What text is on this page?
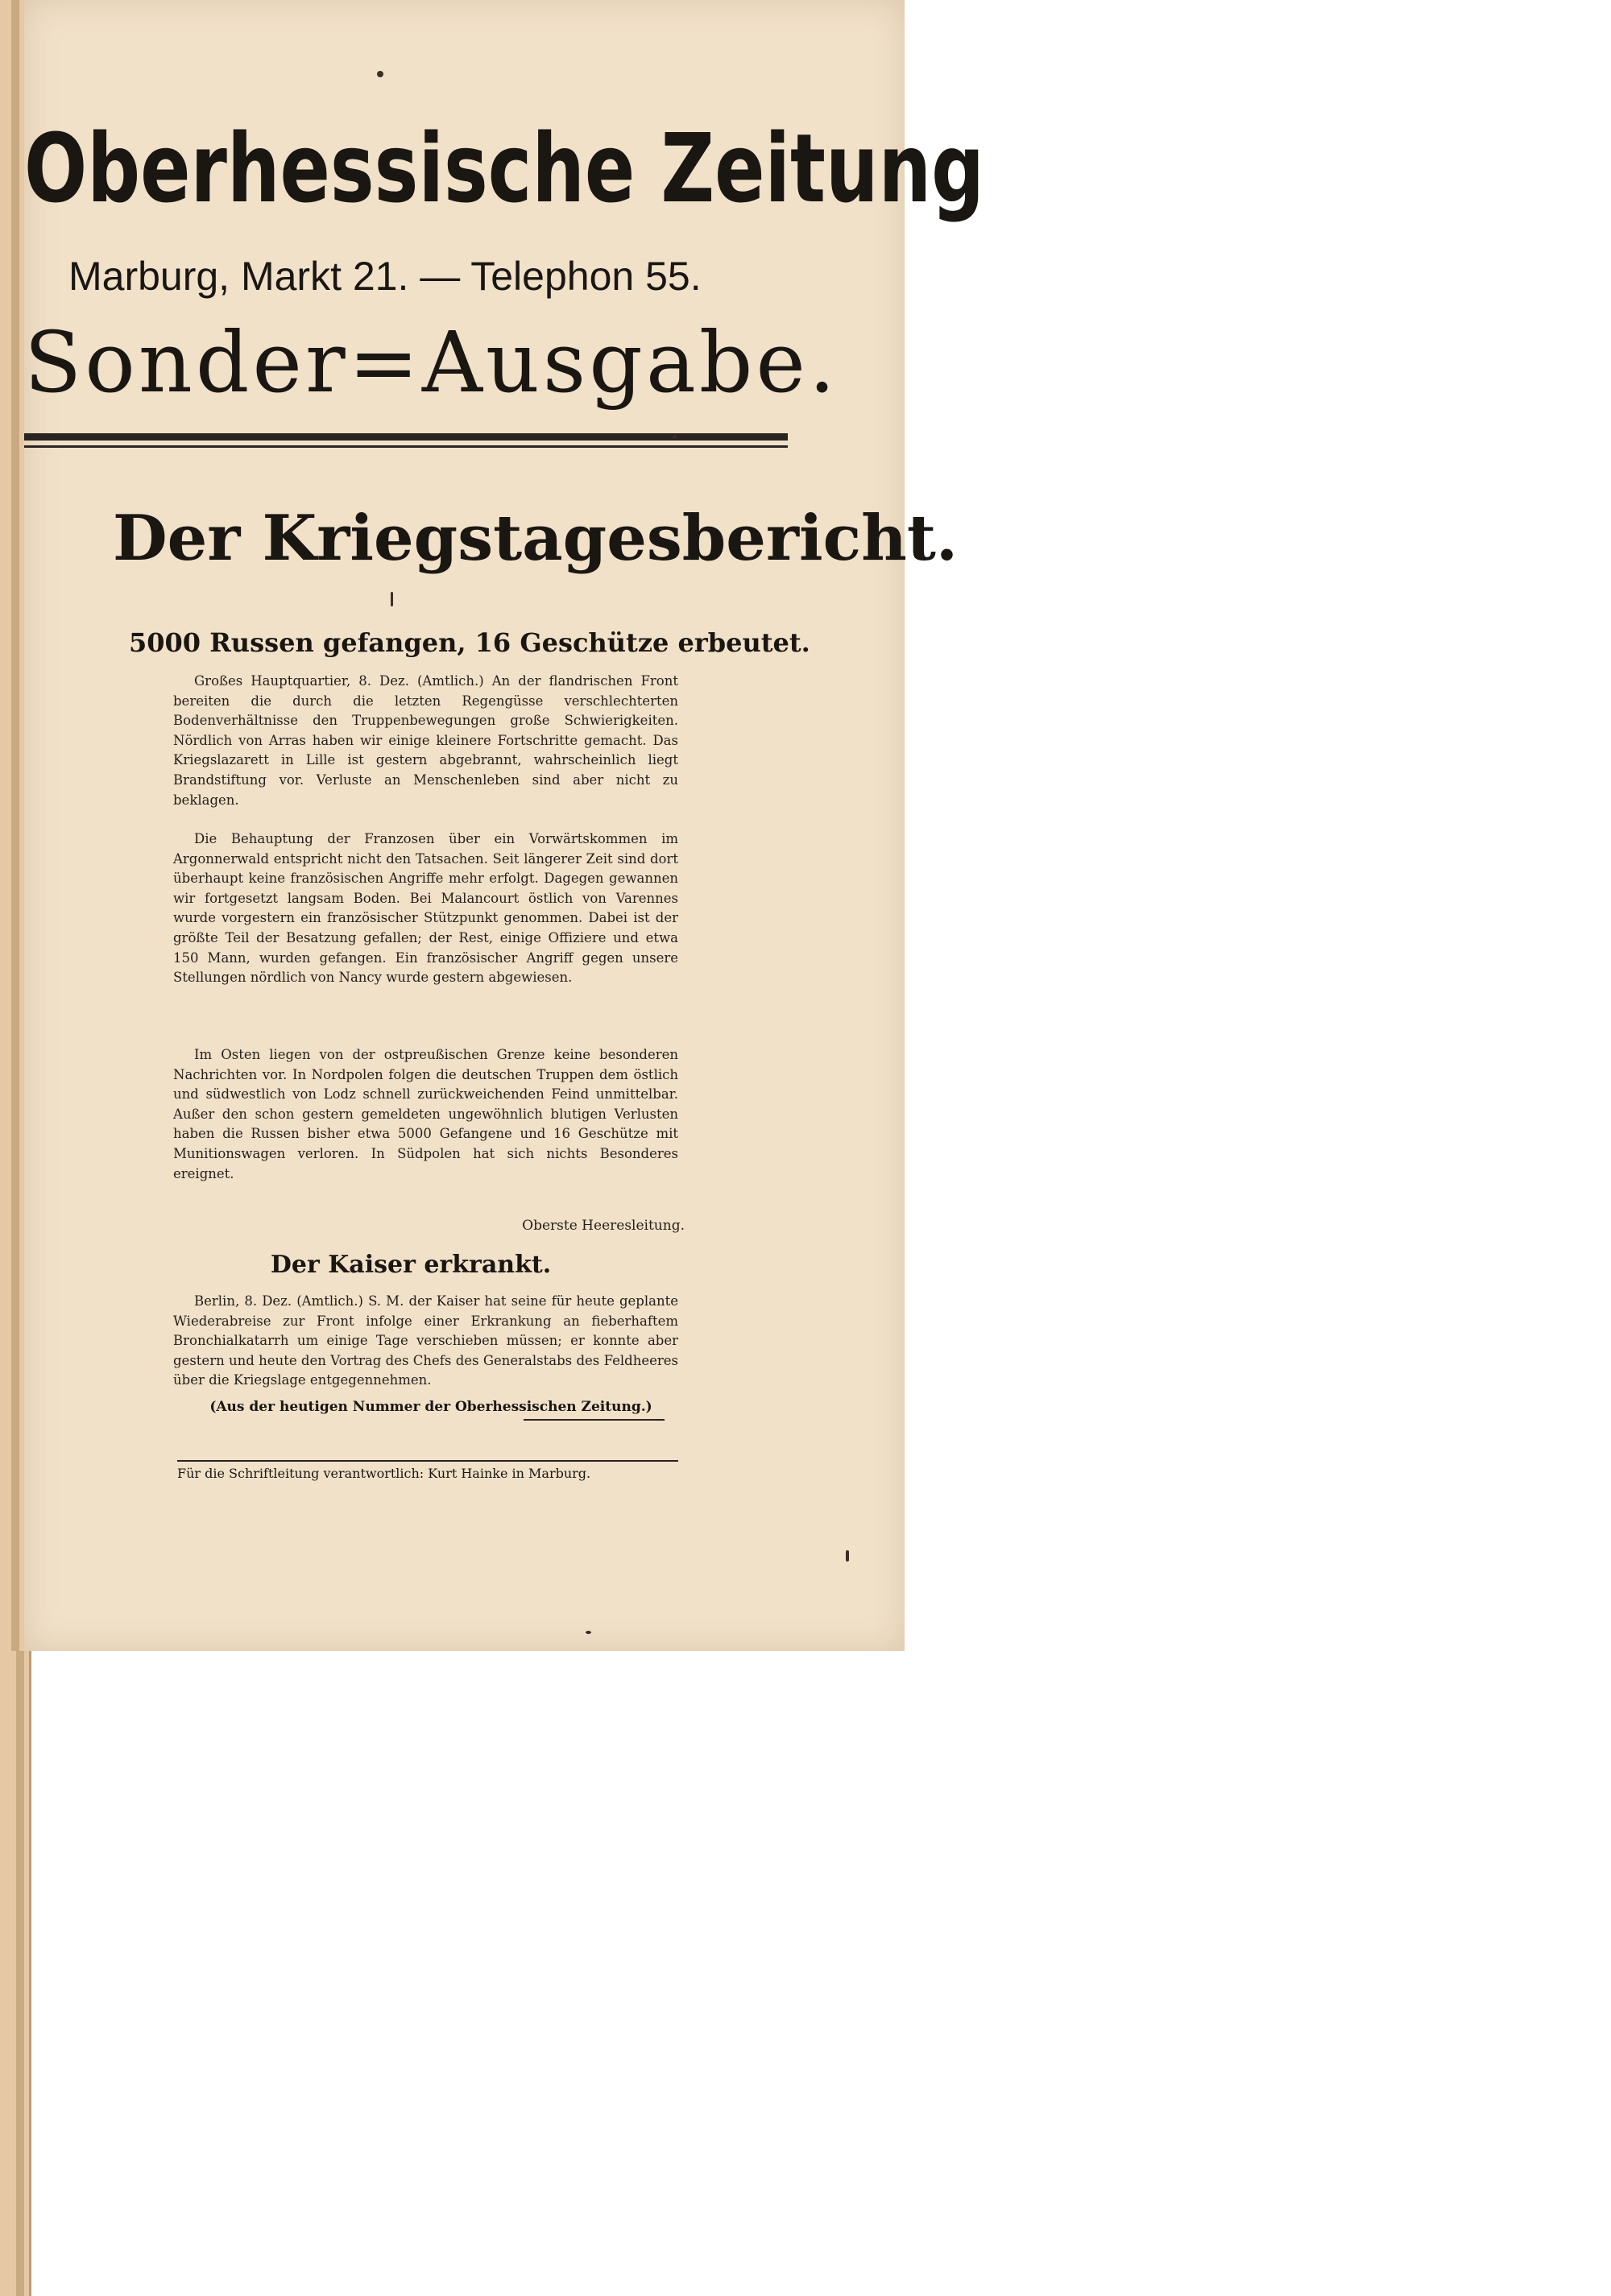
Oberhessische Zeitung
Marburg, Markt 21. — Telephon 55.
Sonder=Ausgabe.
Der Kriegstagesbericht.
5000 Russen gefangen, 16 Geschütze erbeutet.

Großes Hauptquartier, 8. Dez. (Amtlich.) An der flandrischen Front bereiten die durch die letzten Regengüsse verschlechterten Bodenverhältnisse den Truppenbewegungen große Schwierigkeiten. Nördlich von Arras haben wir einige kleinere Fortschritte gemacht. Das Kriegslazarett in Lille ist gestern abgebrannt, wahrscheinlich liegt Brandstiftung vor. Verluste an Menschenleben sind aber nicht zu beklagen.

Die Behauptung der Franzosen über ein Vorwärtskommen im Argonnerwald entspricht nicht den Tatsachen. Seit längerer Zeit sind dort überhaupt keine französischen Angriffe mehr erfolgt. Dagegen gewannen wir fortgesetzt langsam Boden. Bei Malancourt östlich von Varennes wurde vorgestern ein französischer Stützpunkt genommen. Dabei ist der größte Teil der Besatzung gefallen; der Rest, einige Offiziere und etwa 150 Mann, wurden gefangen. Ein französischer Angriff gegen unsere Stellungen nördlich von Nancy wurde gestern abgewiesen.

Im Osten liegen von der ostpreußischen Grenze keine besonderen Nachrichten vor. In Nordpolen folgen die deutschen Truppen dem östlich und südwestlich von Lodz schnell zurückweichenden Feind unmittelbar. Außer den schon gestern gemeldeten ungewöhnlich blutigen Verlusten haben die Russen bisher etwa 5000 Gefangene und 16 Geschütze mit Munitionswagen verloren. In Südpolen hat sich nichts Besonderes ereignet.

Oberste Heeresleitung.
Der Kaiser erkrankt.

Berlin, 8. Dez. (Amtlich.) S. M. der Kaiser hat seine für heute geplante Wiederabreise zur Front infolge einer Erkrankung an fieberhaftem Bronchialkatarrh um einige Tage verschieben müssen; er konnte aber gestern und heute den Vortrag des Chefs des Generalstabs des Feldheeres über die Kriegslage entgegennehmen.

(Aus der heutigen Nummer der Oberhessischen Zeitung.)
Für die Schriftleitung verantwortlich: Kurt Hainke in Marburg.
